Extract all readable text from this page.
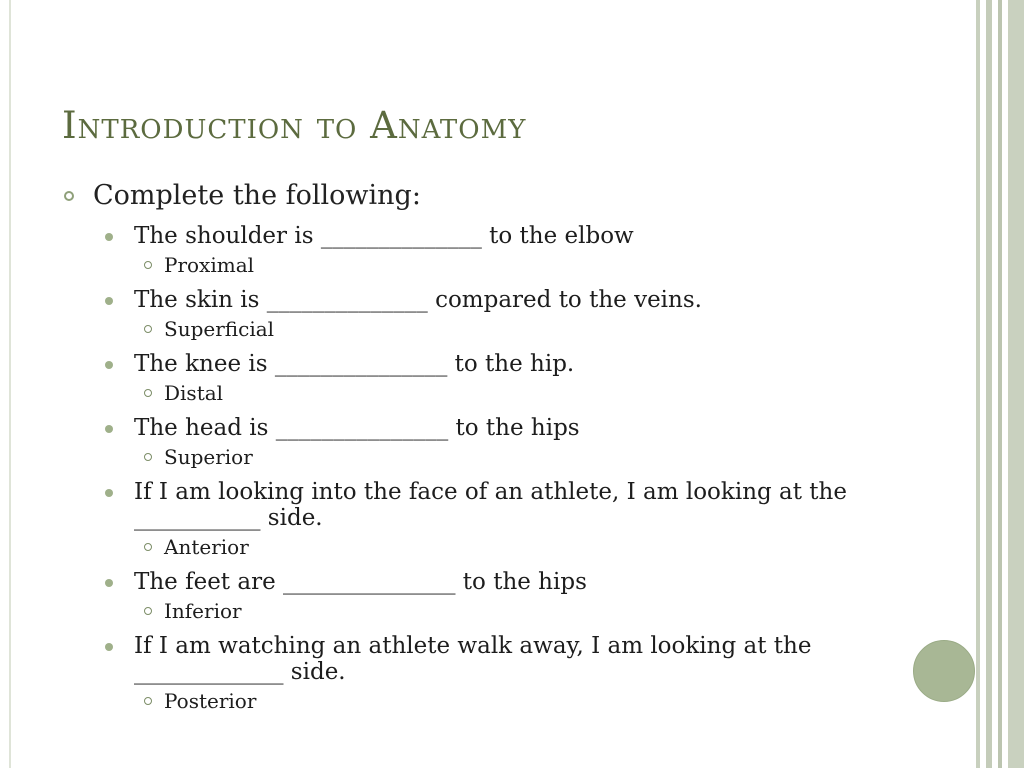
Introduction to Anatomy
Complete the following:
The shoulder is ______________ to the elbow
Proximal
The skin is ______________ compared to the veins.
Superficial
The knee is _______________ to the hip.
Distal
The head is _______________ to the hips
Superior
If I am looking into the face of an athlete, I am looking at the ___________ side.
Anterior
The feet are _______________ to the hips
Inferior
If I am watching an athlete walk away, I am looking at the _____________ side.
Posterior
